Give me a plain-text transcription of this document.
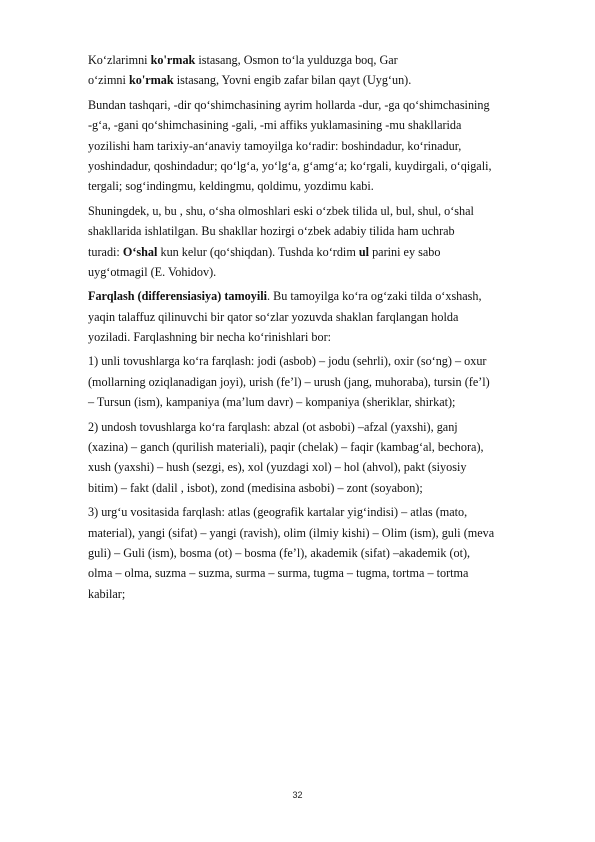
Ko‘zlarimni ko'rmak istasang, Osmon to‘la yulduzga boq, Gar
o‘zimni ko'rmak istasang, Yovni engib zafar bilan qayt (Uyg‘un).
Bundan tashqari, -dir qo‘shimchasining ayrim hollarda -dur, -ga qo‘shimchasining
-g‘a, -gani qo‘shimchasining -gali, -mi affiks yuklamasining -mu shakllarida
yozilishi ham tarixiy-an‘anaviy tamoyilga ko‘radir: boshindadur, ko‘rinadur,
yoshindadur, qoshindadur; qo‘lg‘a, yo‘lg‘a, g‘amg‘a; ko‘rgali, kuydirgali, o‘qigali,
tergali; sog‘indingmu, keldingmu, qoldimu, yozdimu kabi.
Shuningdek, u, bu , shu, o‘sha olmoshlari eski o‘zbek tilida ul, bul, shul, o‘shal
shakllarida ishlatilgan. Bu shakllar hozirgi o‘zbek adabiy tilida ham uchrab
turadi: O‘shal kun kelur (qo‘shiqdan). Tushda ko‘rdim ul parini ey sabo
uyg‘otmagil (E. Vohidov).
Farqlash (differensiasiya) tamoyili. Bu tamoyilga ko‘ra og‘zaki tilda o‘xshash,
yaqin talaffuz qilinuvchi bir qator so‘zlar yozuvda shaklan farqlangan holda
yoziladi. Farqlashning bir necha ko‘rinishlari bor:
1) unli tovushlarga ko‘ra farqlash: jodi (asbob) – jodu (sehrli), oxir (so‘ng) – oxur
(mollarning oziqlanadigan joyi), urish (fe’l) – urush (jang, muhoraba), tursin (fe’l)
– Tursun (ism), kampaniya (ma’lum davr) – kompaniya (sheriklar, shirkat);
2) undosh tovushlarga ko‘ra farqlash: abzal (ot asbobi) –afzal (yaxshi), ganj
(xazina) – ganch (qurilish materiali), paqir (chelak) – faqir (kambag‘al, bechora),
xush (yaxshi) – hush (sezgi, es), xol (yuzdagi xol) – hol (ahvol), pakt (siyosiy
bitim) – fakt (dalil , isbot), zond (medisina asbobi) – zont (soyabon);
3) urg‘u vositasida farqlash: atlas (geografik kartalar yig‘indisi) – atlas (mato,
material), yangi (sifat) – yangi (ravish), olim (ilmiy kishi) – Olim (ism), guli (meva
guli) – Guli (ism), bosma (ot) – bosma (fe’l), akademik (sifat) –akademik (ot),
olma – olma, suzma – suzma, surma – surma, tugma – tugma, tortma – tortma
kabilar;
32
